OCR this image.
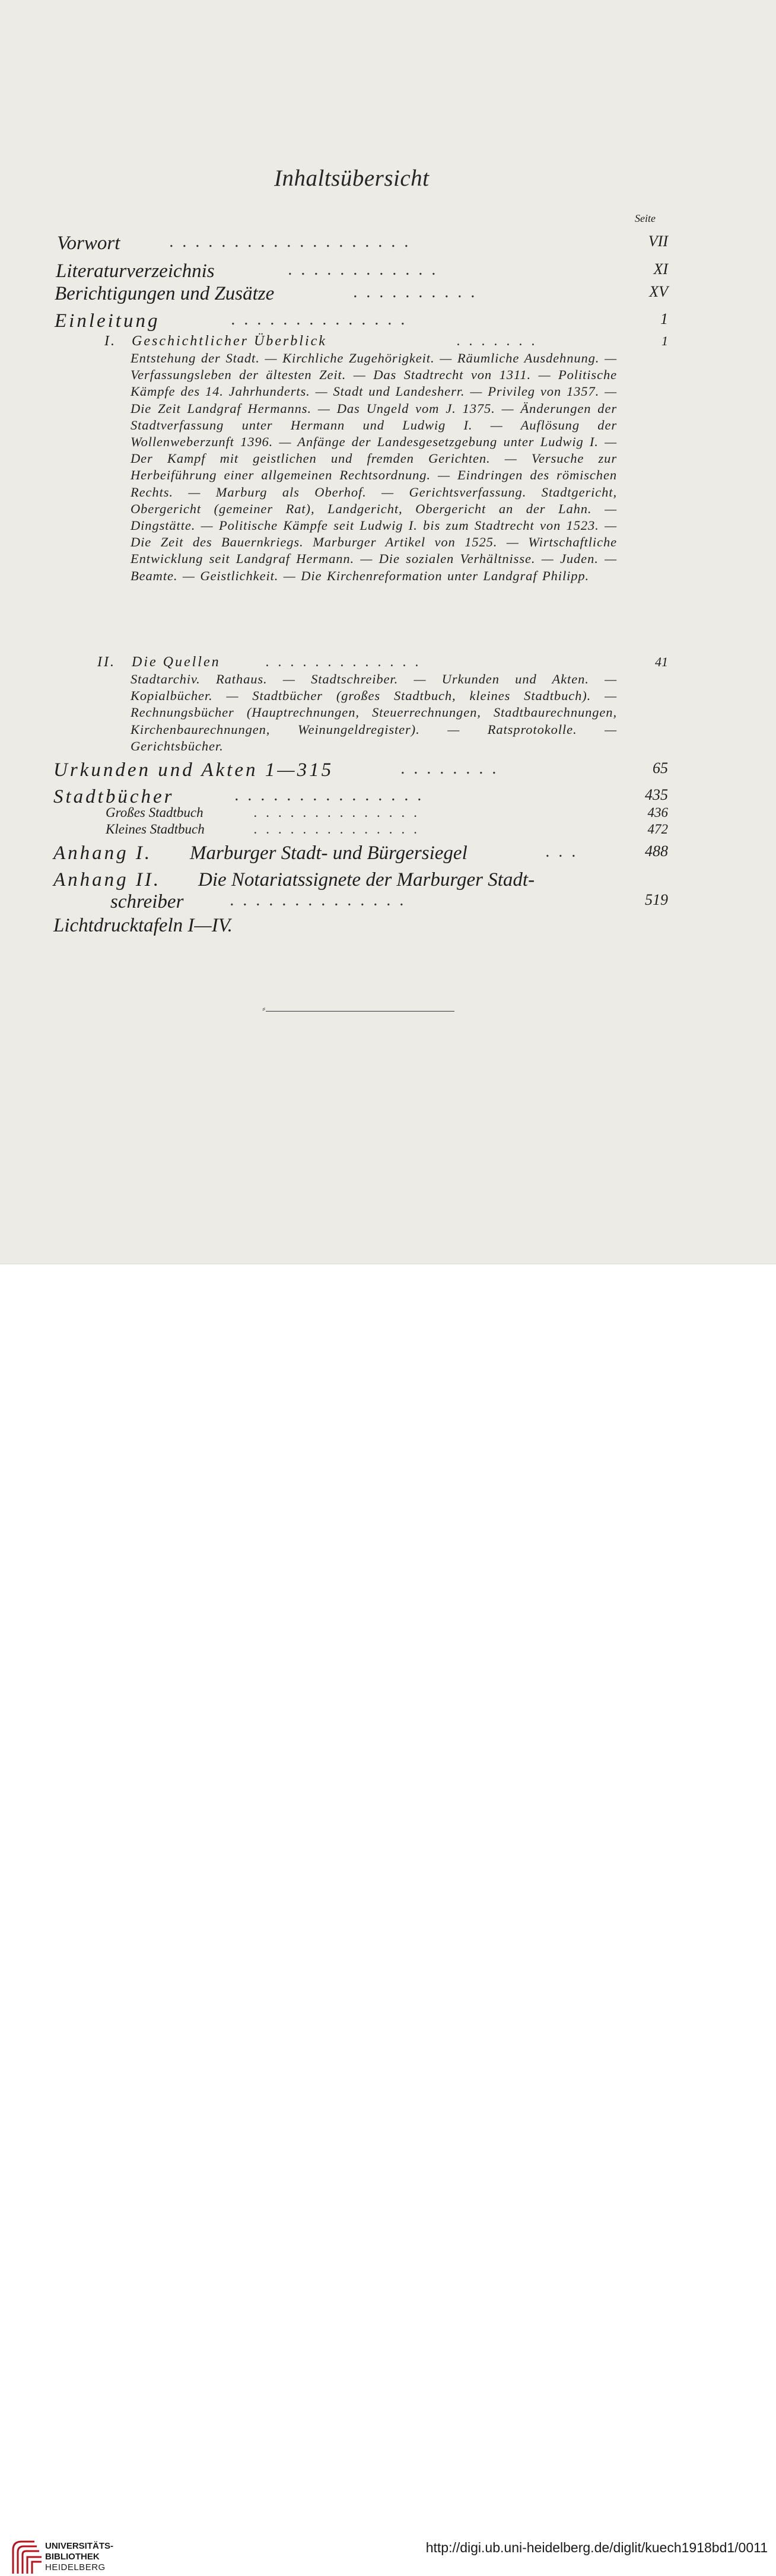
Inhaltsübersicht
Seite
Vorwort	...................	VII
Literaturverzeichnis	............	XI
Berichtigungen und Zusätze	..........	XV
Einleitung	..............	1
I. Geschichtlicher Überblick	.......	1
Entstehung der Stadt. — Kirchliche Zugehörigkeit. — Räumliche Ausdehnung. — Verfassungsleben der ältesten Zeit. — Das Stadtrecht von 1311. — Politische Kämpfe des 14. Jahrhunderts. — Stadt und Landesherr. — Privileg von 1357. — Die Zeit Landgraf Hermanns. — Das Ungeld vom J. 1375. — Änderungen der Stadtverfassung unter Hermann und Ludwig I. — Auflösung der Wollenweberzunft 1396. — Anfänge der Landesgesetzgebung unter Ludwig I. — Der Kampf mit geistlichen und fremden Gerichten. — Versuche zur Herbeiführung einer allgemeinen Rechtsordnung. — Eindringen des römischen Rechts. — Marburg als Oberhof. — Gerichtsverfassung. Stadtgericht, Obergericht (gemeiner Rat), Landgericht, Obergericht an der Lahn. — Dingstätte. — Politische Kämpfe seit Ludwig I. bis zum Stadtrecht von 1523. — Die Zeit des Bauernkriegs. Marburger Artikel von 1525. — Wirtschaftliche Entwicklung seit Landgraf Hermann. — Die sozialen Verhältnisse. — Juden. — Beamte. — Geistlichkeit. — Die Kirchenreformation unter Landgraf Philipp.
II. Die Quellen	.............	41
Stadtarchiv. Rathaus. — Stadtschreiber. — Urkunden und Akten. — Kopialbücher. — Stadtbücher (großes Stadtbuch, kleines Stadtbuch). — Rechnungsbücher (Hauptrechnungen, Steuerrechnungen, Stadtbaurechnungen, Kirchenbaurechnungen, Weinungeldregister). — Ratsprotokolle. — Gerichtsbücher.
Urkunden und Akten 1—315	........	65
Stadtbücher	...............	435
Großes Stadtbuch	..............	436
Kleines Stadtbuch	..............	472
Anhang I. Marburger Stadt- und Bürgersiegel	...	488
Anhang II. Die Notariatssignete der Marburger Stadt-
schreiber	..............	519
Lichtdrucktafeln I—IV.
⸗
UNIVERSITÄTS-
BIBLIOTHEK
HEIDELBERG
http://digi.ub.uni-heidelberg.de/diglit/kuech1918bd1/0011
